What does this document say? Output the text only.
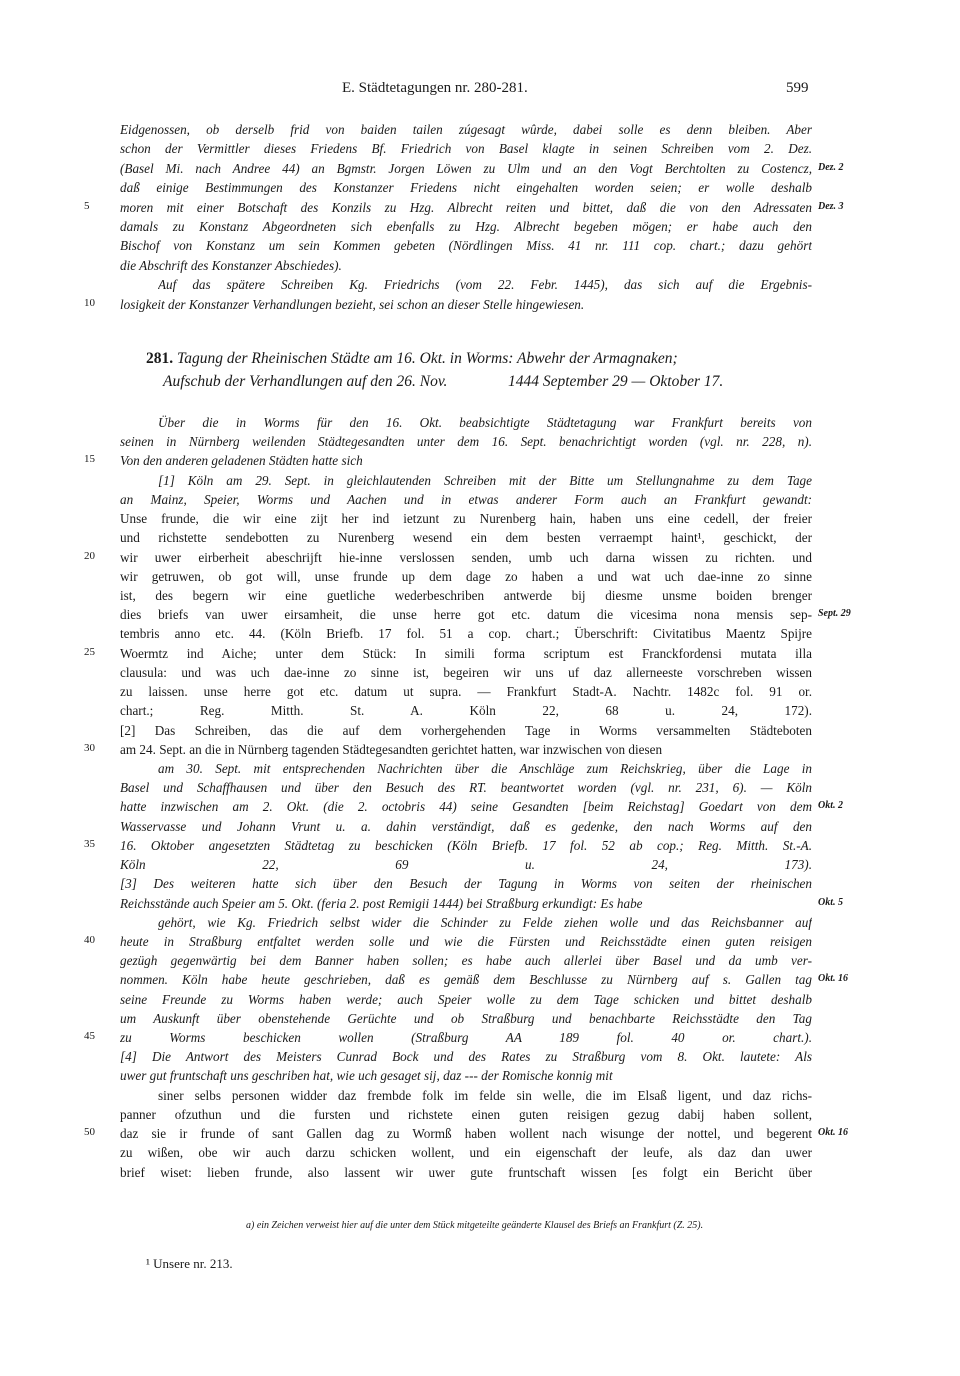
E. Städtetagungen nr. 280-281.	599
Eidgenossen, ob derselb frid von baiden tailen zúgesagt wûrde, dabei solle es denn bleiben. Aber
schon der Vermittler dieses Friedens Bf. Friedrich von Basel klagte in seinen Schreiben vom 2. Dez.
(Basel Mi. nach Andree 44) an Bgmstr. Jorgen Löwen zu Ulm und an den Vogt Berchtolten zu Costencz, Dez. 2
daß einige Bestimmungen des Konstanzer Friedens nicht eingehalten worden seien; er wolle deshalb
moren mit einer Botschaft des Konzils zu Hzg. Albrecht reiten und bittet, daß die von den Adressaten
5	Dez. 3
damals zu Konstanz Abgeordneten sich ebenfalls zu Hzg. Albrecht begeben mögen; er habe auch den
Bischof von Konstanz um sein Kommen gebeten (Nördlingen Miss. 41 nr. 111 cop. chart.; dazu gehört
die Abschrift des Konstanzer Abschiedes).
Auf das spätere Schreiben Kg. Friedrichs (vom 22. Febr. 1445), das sich auf die Ergebnis-
losigkeit der Konstanzer Verhandlungen bezieht, sei schon an dieser Stelle hingewiesen.
10
281. Tagung der Rheinischen Städte am 16. Okt. in Worms: Abwehr der Armagnaken;
Aufschub der Verhandlungen auf den 26. Nov.	1444 September 29 — Oktober 17.
Über die in Worms für den 16. Okt. beabsichtigte Städtetagung war Frankfurt bereits von
seinen in Nürnberg weilenden Städtegesandten unter dem 16. Sept. benachrichtigt worden (vgl. nr. 228, n).
Von den anderen geladenen Städten hatte sich
15
[1] Köln am 29. Sept. in gleichlautenden Schreiben mit der Bitte um Stellungnahme zu dem Tage
an Mainz, Speier, Worms und Aachen und in etwas anderer Form auch an Frankfurt gewandt:
Unse frunde, die wir eine zijt her ind ietzunt zu Nurenberg hain, haben uns eine cedell, der freier
und richstette sendebotten zu Nurenberg wesend ein dem besten verraempt haint¹, geschickt, der
wir uwer eirberheit abeschrijft hie-inne verslossen senden, umb uch darna wissen zu richten. und
20
wir getruwen, ob got will, unse frunde up dem dage zo haben a und wat uch dae-inne zo sinne
ist, des begern wir eine guetliche wederbeschriben antwerde bij diesme unsme boiden brenger
dies briefs van uwer eirsamheit, die unse herre got etc. datum die vicesima nona mensis sep- Sept. 29
tembris anno etc. 44. (Köln Briefb. 17 fol. 51 a cop. chart.; Überschrift: Civitatibus Maentz Spijre
Woermtz ind Aiche; unter dem Stück: In simili forma scriptum est Franckfordensi mutata illa
25
clausula: und was uch dae-inne zo sinne ist, begeiren wir uns uf daz allerneeste vorschreben wissen
zu laissen. unse herre got etc. datum ut supra. — Frankfurt Stadt-A. Nachtr. 1482c fol. 91 or.
chart.; Reg. Mitth. St. A. Köln 22, 68 u. 24, 172).
[2] Das Schreiben, das die auf dem vorhergehenden Tage in Worms versammelten Städteboten
am 24. Sept. an die in Nürnberg tagenden Städtegesandten gerichtet hatten, war inzwischen von diesen
30
am 30. Sept. mit entsprechenden Nachrichten über die Anschläge zum Reichskrieg, über die Lage in
Basel und Schaffhausen und über den Besuch des RT. beantwortet worden (vgl. nr. 231, 6). — Köln
hatte inzwischen am 2. Okt. (die 2. octobris 44) seine Gesandten [beim Reichstag] Goedart von dem Okt. 2
Wasservasse und Johann Vrunt u. a. dahin verständigt, daß es gedenke, den nach Worms auf den
16. Oktober angesetzten Städtetag zu beschicken (Köln Briefb. 17 fol. 52 ab cop.; Reg. Mitth. St.-A.
35
Köln 22, 69 u. 24, 173).
[3] Des weiteren hatte sich über den Besuch der Tagung in Worms von seiten der rheinischen
Reichsstände auch Speier am 5. Okt. (feria 2. post Remigii 1444) bei Straßburg erkundigt: Es habe	Okt. 5
gehört, wie Kg. Friedrich selbst wider die Schinder zu Felde ziehen wolle und das Reichsbanner auf
heute in Straßburg entfaltet werden solle und wie die Fürsten und Reichsstädte einen guten reisigen
40
gezügh gegenwärtig bei dem Banner haben sollen; es habe auch allerlei über Basel und da umb ver-
nommen. Köln habe heute geschrieben, daß es gemäß dem Beschlusse zu Nürnberg auf s. Gallen tag Okt. 16
seine Freunde zu Worms haben werde; auch Speier wolle zu dem Tage schicken und bittet deshalb
um Auskunft über obenstehende Gerüchte und ob Straßburg und benachbarte Reichsstädte den Tag
zu Worms beschicken wollen (Straßburg AA 189 fol. 40 or. chart.).
45
[4] Die Antwort des Meisters Cunrad Bock und des Rates zu Straßburg vom 8. Okt. lautete: Als
uwer gut fruntschaft uns geschriben hat, wie uch gesaget sij, daz --- der Romische konnig mit
siner selbs personen widder daz frembde folk im felde sin welle, die im Elsaß ligent, und daz richs-
panner ofzuthun und die fursten und richstete einen guten reisigen gezug dabij haben sollent,
daz sie ir frunde of sant Gallen dag zu Wormß haben wollent nach wisunge der nottel, und begerent
50	Okt. 16
zu wißen, obe wir auch darzu schicken wollent, und ein eigenschaft der leufe, als daz dan uwer
brief wiset: lieben frunde, also lassent wir uwer gute fruntschaft wissen [es folgt ein Bericht über
a) ein Zeichen verweist hier auf die unter dem Stück mitgeteilte geänderte Klausel des Briefs an Frankfurt (Z. 25).
¹ Unsere nr. 213.
